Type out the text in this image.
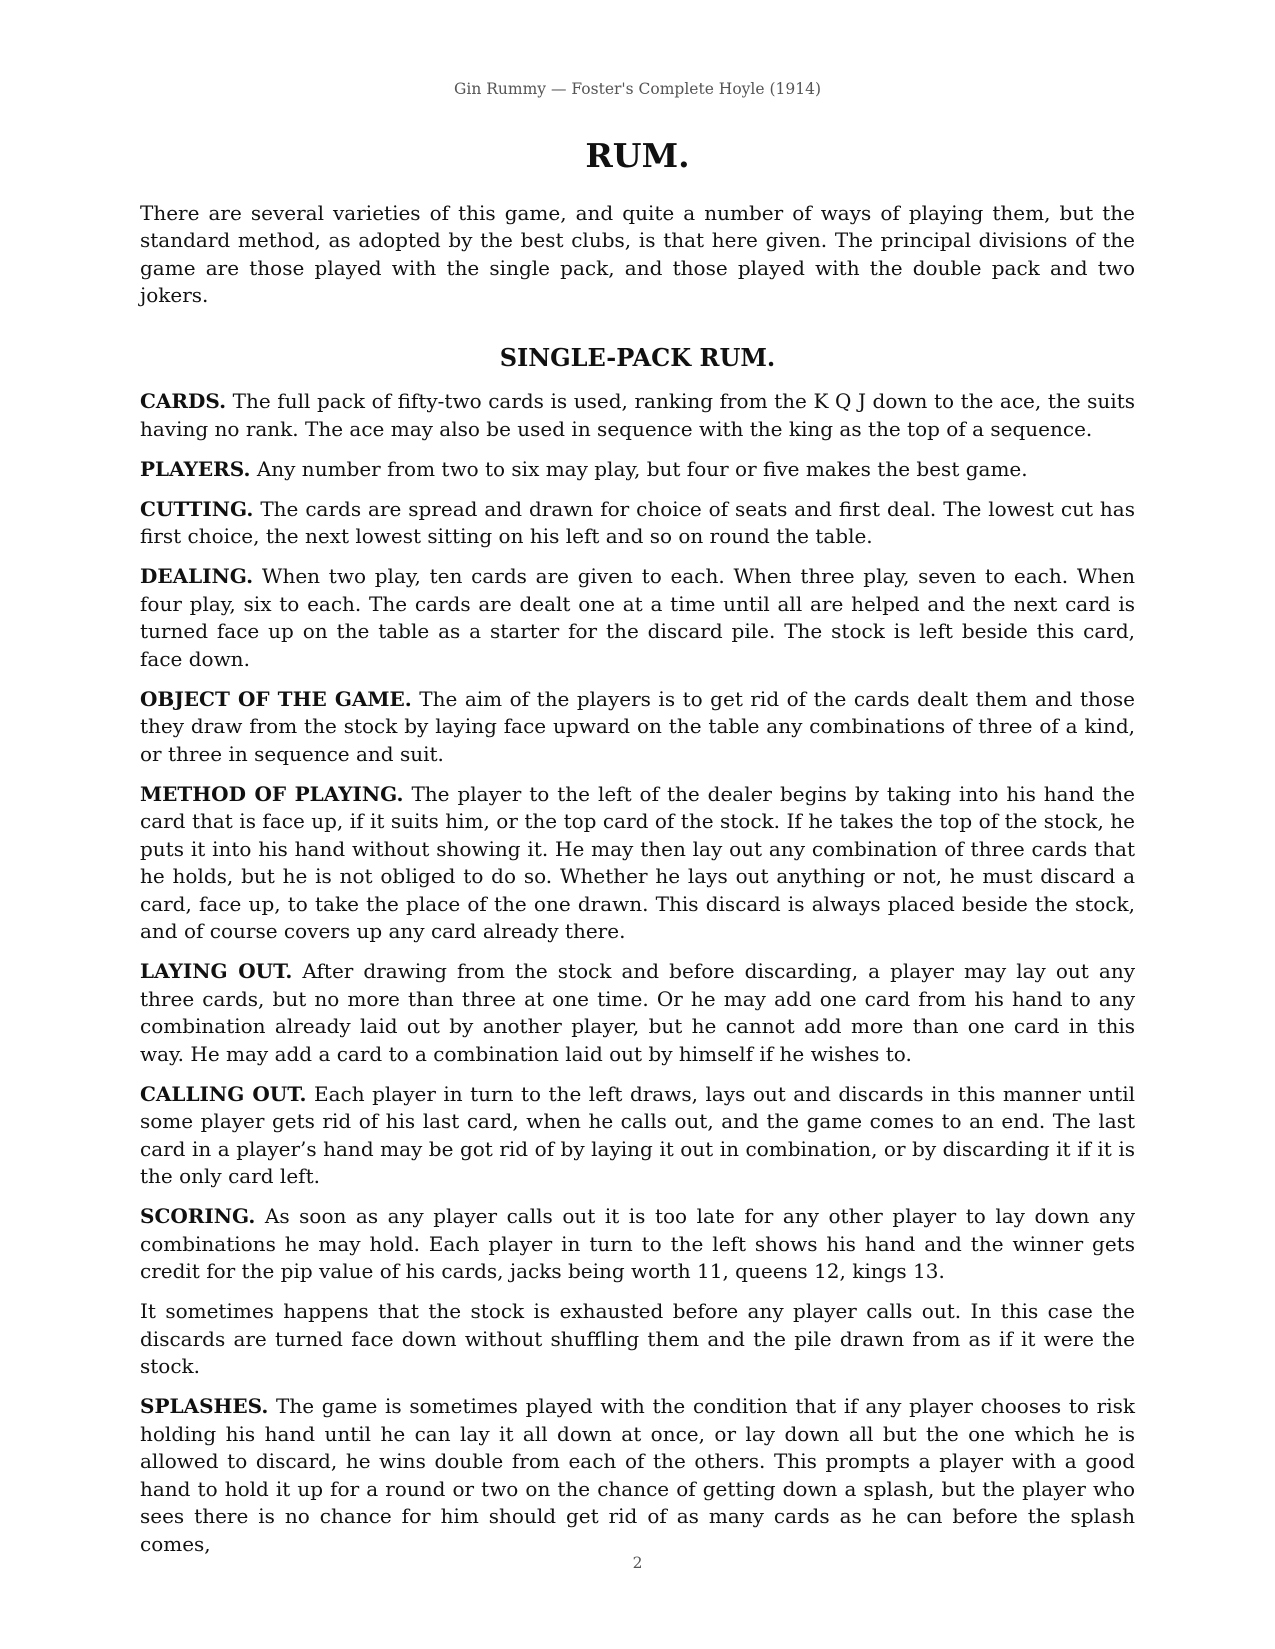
Gin Rummy — Foster's Complete Hoyle (1914)
RUM.

There are several varieties of this game, and quite a number of ways of playing them, but the standard method, as adopted by the best clubs, is that here given. The principal divisions of the game are those played with the single pack, and those played with the double pack and two jokers.

SINGLE-PACK RUM.

CARDS. The full pack of fifty-two cards is used, ranking from the K Q J down to the ace, the suits having no rank. The ace may also be used in sequence with the king as the top of a sequence.

PLAYERS. Any number from two to six may play, but four or five makes the best game.

CUTTING. The cards are spread and drawn for choice of seats and first deal. The lowest cut has first choice, the next lowest sitting on his left and so on round the table.

DEALING. When two play, ten cards are given to each. When three play, seven to each. When four play, six to each. The cards are dealt one at a time until all are helped and the next card is turned face up on the table as a starter for the discard pile. The stock is left beside this card, face down.

OBJECT OF THE GAME. The aim of the players is to get rid of the cards dealt them and those they draw from the stock by laying face upward on the table any combinations of three of a kind, or three in sequence and suit.

METHOD OF PLAYING. The player to the left of the dealer begins by taking into his hand the card that is face up, if it suits him, or the top card of the stock. If he takes the top of the stock, he puts it into his hand without showing it. He may then lay out any combination of three cards that he holds, but he is not obliged to do so. Whether he lays out anything or not, he must discard a card, face up, to take the place of the one drawn. This discard is always placed beside the stock, and of course covers up any card already there.

LAYING OUT. After drawing from the stock and before discarding, a player may lay out any three cards, but no more than three at one time. Or he may add one card from his hand to any combination already laid out by another player, but he cannot add more than one card in this way. He may add a card to a combination laid out by himself if he wishes to.

CALLING OUT. Each player in turn to the left draws, lays out and discards in this manner until some player gets rid of his last card, when he calls out, and the game comes to an end. The last card in a player’s hand may be got rid of by laying it out in combination, or by discarding it if it is the only card left.

SCORING. As soon as any player calls out it is too late for any other player to lay down any combinations he may hold. Each player in turn to the left shows his hand and the winner gets credit for the pip value of his cards, jacks being worth 11, queens 12, kings 13.

It sometimes happens that the stock is exhausted before any player calls out. In this case the discards are turned face down without shuffling them and the pile drawn from as if it were the stock.

SPLASHES. The game is sometimes played with the condition that if any player chooses to risk holding his hand until he can lay it all down at once, or lay down all but the one which he is allowed to discard, he wins double from each of the others. This prompts a player with a good hand to hold it up for a round or two on the chance of getting down a splash, but the player who sees there is no chance for him should get rid of as many cards as he can before the splash comes,

2
